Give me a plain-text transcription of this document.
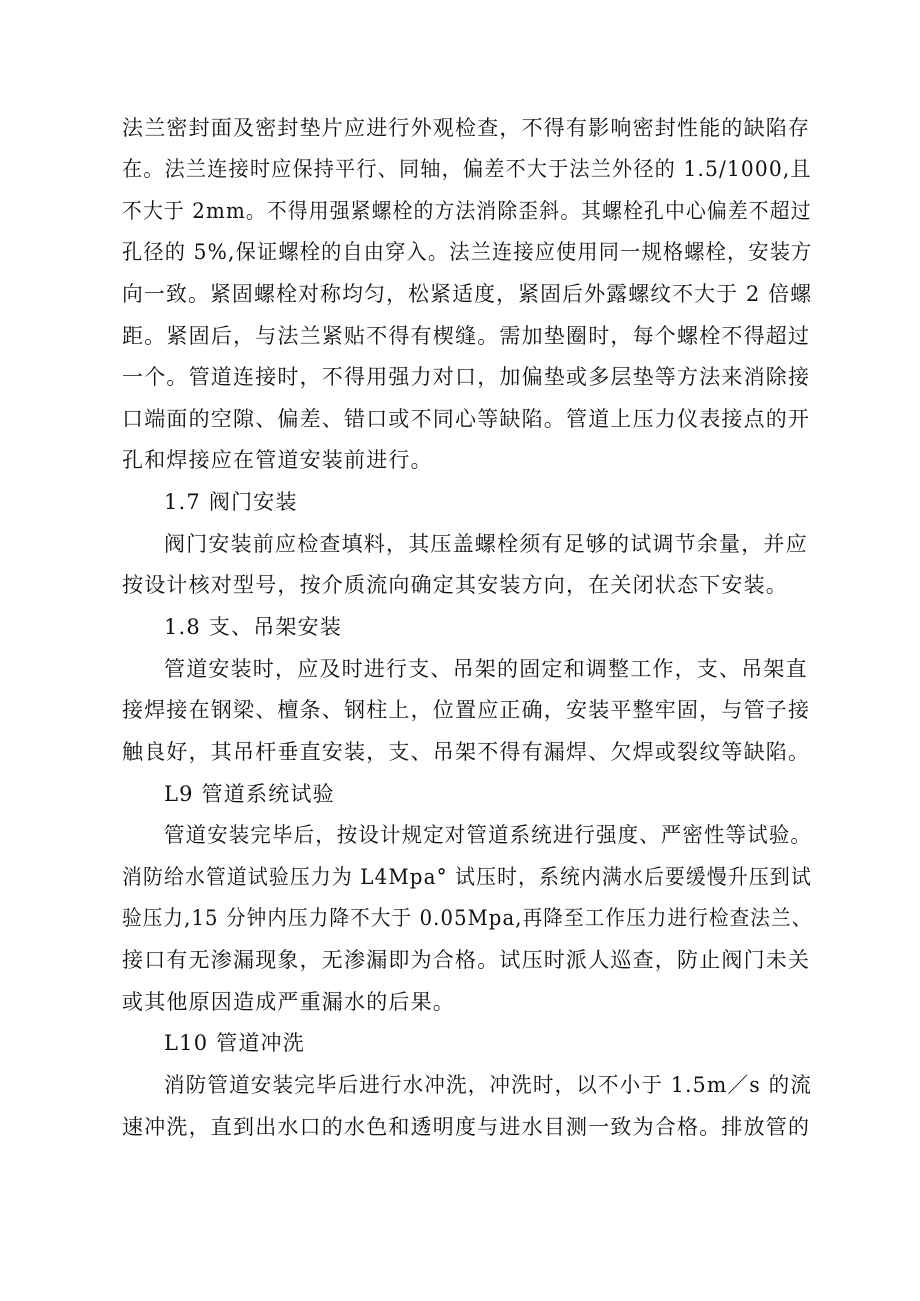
法兰密封面及密封垫片应进行外观检查，不得有影响密封性能的缺陷存
在。法兰连接时应保持平行、同轴，偏差不大于法兰外径的 1.5/1000,且
不大于 2mm。不得用强紧螺栓的方法消除歪斜。其螺栓孔中心偏差不超过
孔径的 5%,保证螺栓的自由穿入。法兰连接应使用同一规格螺栓，安装方
向一致。紧固螺栓对称均匀，松紧适度，紧固后外露螺纹不大于 2 倍螺
距。紧固后，与法兰紧贴不得有楔缝。需加垫圈时，每个螺栓不得超过
一个。管道连接时，不得用强力对口，加偏垫或多层垫等方法来消除接
口端面的空隙、偏差、错口或不同心等缺陷。管道上压力仪表接点的开
孔和焊接应在管道安装前进行。
1.7 阀门安装
阀门安装前应检查填料，其压盖螺栓须有足够的试调节余量，并应
按设计核对型号，按介质流向确定其安装方向，在关闭状态下安装。
1.8 支、吊架安装
管道安装时，应及时进行支、吊架的固定和调整工作，支、吊架直
接焊接在钢梁、檀条、钢柱上，位置应正确，安装平整牢固，与管子接
触良好，其吊杆垂直安装，支、吊架不得有漏焊、欠焊或裂纹等缺陷。
L9 管道系统试验
管道安装完毕后，按设计规定对管道系统进行强度、严密性等试验。
消防给水管道试验压力为 L4Mpa° 试压时，系统内满水后要缓慢升压到试
验压力,15 分钟内压力降不大于 0.05Mpa,再降至工作压力进行检查法兰、
接口有无渗漏现象，无渗漏即为合格。试压时派人巡查，防止阀门未关
或其他原因造成严重漏水的后果。
L10 管道冲洗
消防管道安装完毕后进行水冲洗，冲洗时，以不小于 1.5m／s 的流
速冲洗，直到出水口的水色和透明度与进水目测一致为合格。排放管的
